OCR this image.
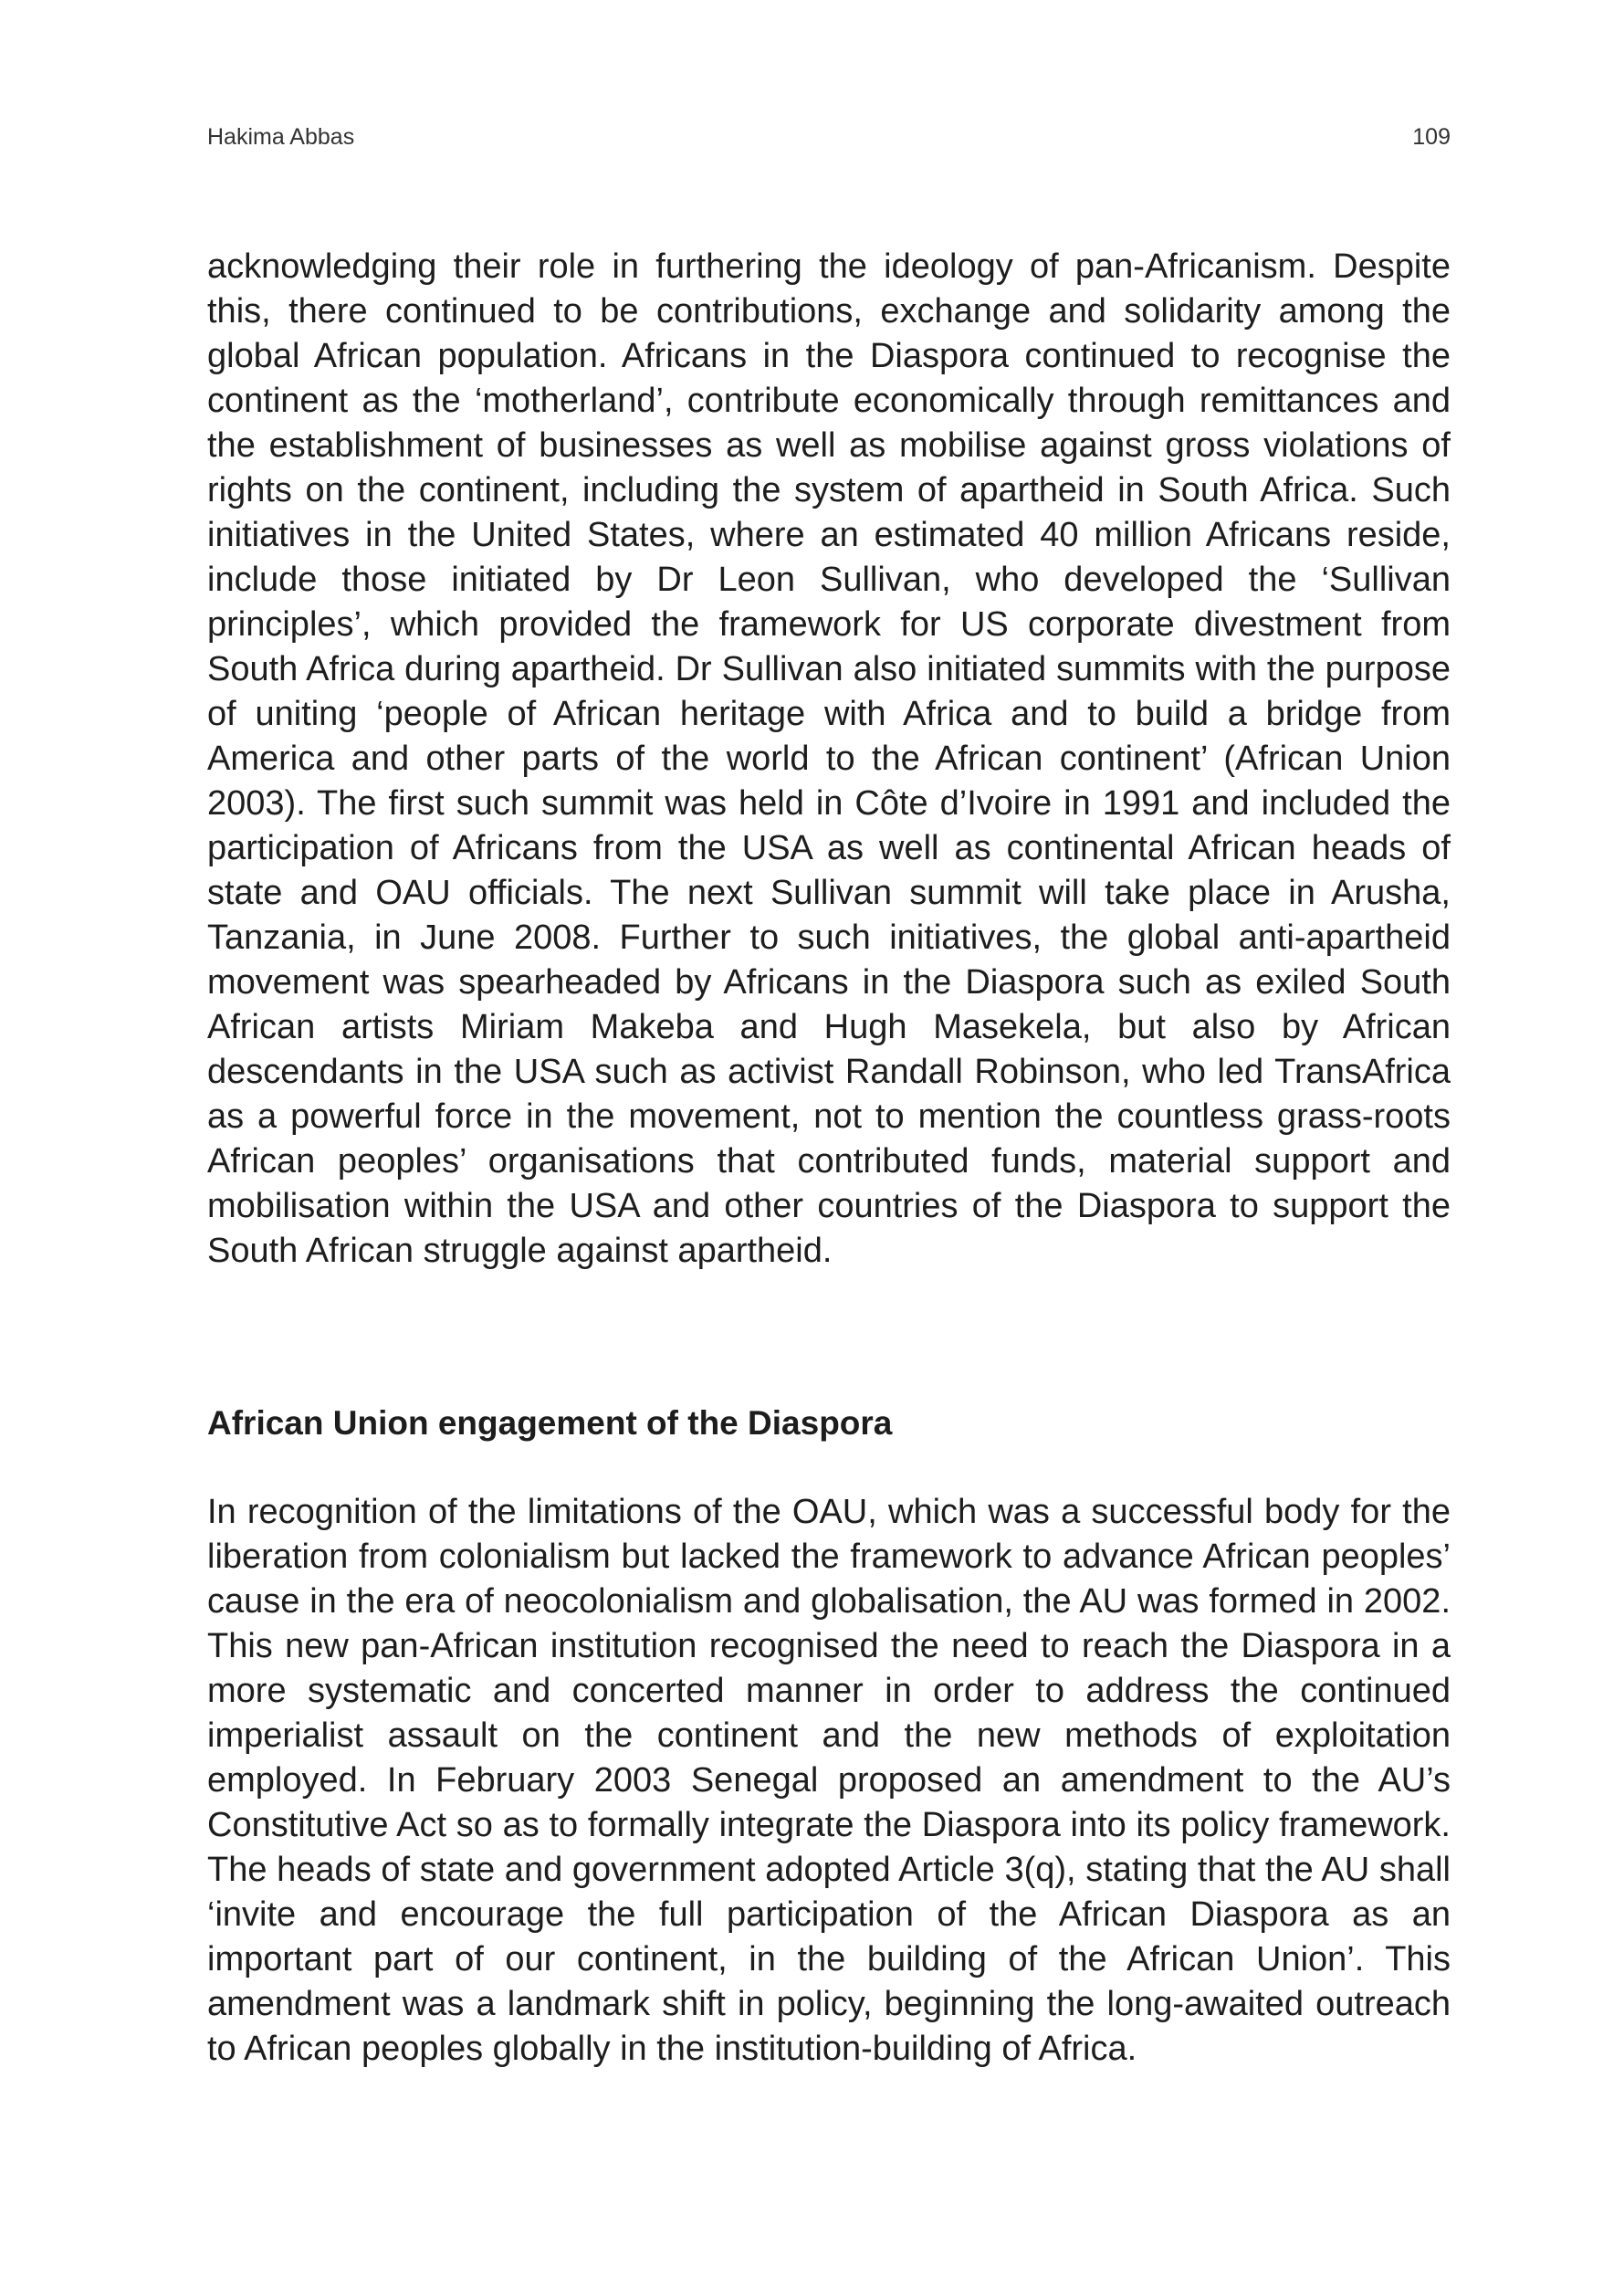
Hakima Abbas	109

acknowledging their role in furthering the ideology of pan-Africanism. Despite this, there continued to be contributions, exchange and solidarity among the global African population. Africans in the Diaspora continued to recognise the continent as the ‘motherland’, contribute economically through remittances and the establishment of businesses as well as mobilise against gross violations of rights on the continent, including the system of apartheid in South Africa. Such initiatives in the United States, where an estimated 40 million Africans reside, include those initiated by Dr Leon Sullivan, who developed the ‘Sullivan principles’, which provided the framework for US corporate divestment from South Africa during apartheid. Dr Sullivan also initiated summits with the purpose of uniting ‘people of African heritage with Africa and to build a bridge from America and other parts of the world to the African continent’ (African Union 2003). The first such summit was held in Côte d’Ivoire in 1991 and included the participation of Africans from the USA as well as continental African heads of state and OAU officials. The next Sullivan summit will take place in Arusha, Tanzania, in June 2008. Further to such initiatives, the global anti-apartheid movement was spearheaded by Africans in the Diaspora such as exiled South African artists Miriam Makeba and Hugh Masekela, but also by African descendants in the USA such as activist Randall Robinson, who led TransAfrica as a powerful force in the movement, not to mention the countless grass-roots African peoples’ organisations that contributed funds, material support and mobilisation within the USA and other countries of the Diaspora to support the South African struggle against apartheid.

African Union engagement of the Diaspora

In recognition of the limitations of the OAU, which was a successful body for the liberation from colonialism but lacked the framework to advance African peoples’ cause in the era of neocolonialism and globalisation, the AU was formed in 2002. This new pan-African institution recognised the need to reach the Diaspora in a more systematic and concerted manner in order to address the continued imperialist assault on the continent and the new methods of exploitation employed. In February 2003 Senegal proposed an amendment to the AU’s Constitutive Act so as to formally integrate the Diaspora into its policy framework. The heads of state and government adopted Article 3(q), stating that the AU shall ‘invite and encourage the full participation of the African Diaspora as an important part of our continent, in the building of the African Union’. This amendment was a landmark shift in policy, beginning the long-awaited outreach to African peoples globally in the institution-building of Africa.
